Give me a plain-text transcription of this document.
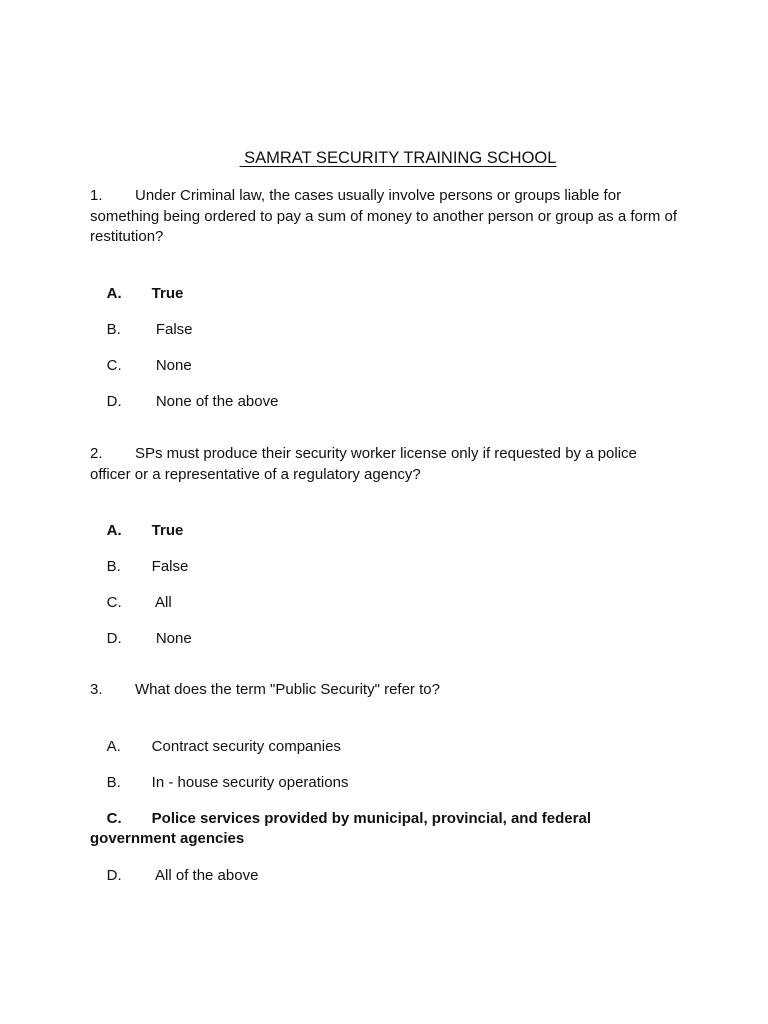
SAMRAT SECURITY TRAINING SCHOOL
1. Under Criminal law, the cases usually involve persons or groups liable for something being ordered to pay a sum of money to another person or group as a form of restitution?

A. True

B. False

C. None

D. None of the above

2. SPs must produce their security worker license only if requested by a police officer or a representative of a regulatory agency?

A. True

B. False

C. All

D. None

3. What does the term "Public Security" refer to?

A. Contract security companies

B. In - house security operations

C. Police services provided by municipal, provincial, and federal government agencies

D. All of the above
